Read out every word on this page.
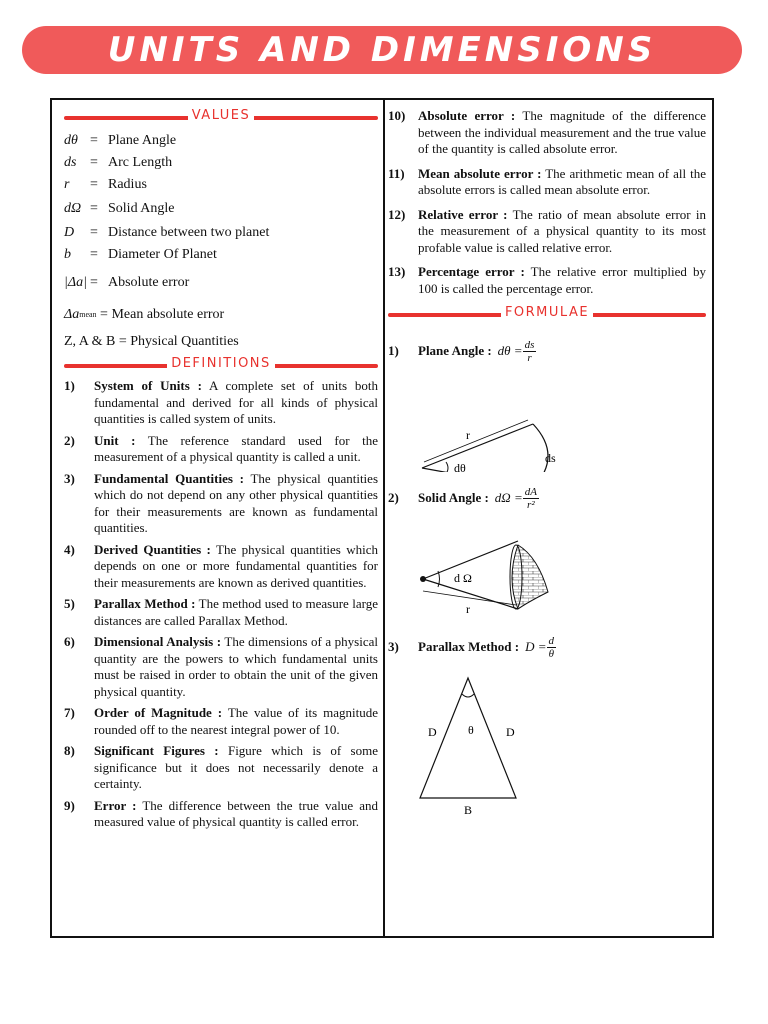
UNITS AND DIMENSIONS
VALUES
dθ = Plane Angle
ds = Arc Length
r	= Radius
dΩ = Solid Angle
D	= Distance between two planet
b	= Diameter Of Planet
|Δa| = Absolute error
Δa mean
= Mean absolute error
Z, A & B = Physical Quantities
DEFINITIONS
1)	System of Units : A complete set of units both fundamental and derived for all kinds of physical quantities is called system of units.
2)	Unit : The reference standard used for the measurement of a physical quantity is called a unit.
3)	Fundamental Quantities : The physical quantities which do not depend on any other physical quantities for their measurements are known as fundamental quantities.
4)	Derived Quantities : The physical quantities which depends on one or more fundamental quantities for their measurements are known as derived quantities.
5)	Parallax Method : The method used to measure large distances are called Parallax Method.
6)	Dimensional Analysis : The dimensions of a physical quantity are the powers to which fundamental units must be raised in order to obtain the unit of the given physical quantity.
7)	Order of Magnitude : The value of its magnitude rounded off to the nearest integral power of 10.
8)	Significant Figures : Figure which is of some significance but it does not necessarily denote a certainty.
9)	Error : The difference between the true value and measured value of physical quantity is called error.
10) Absolute error : The magnitude of the difference between the individual measurement and the true value of the quantity is called absolute error.
11)	Mean absolute error : The arithmetic mean of all the absolute errors is called mean absolute error.
12) Relative error : The ratio of mean absolute error in the measurement of a physical quantity to its most profable value is called relative error.
13) Percentage error : The relative error multiplied by 100 is called the percentage error.
FORMULAE
1)	Plane Angle : $d\theta = \frac{ds}{r}$
r
dθ
ds
2)	Solid Angle : $d\Omega = \frac{dA}{\text{r²}}$
d Ω
r
3)	Parallax Method : $D = \frac{d}{\theta}$
D	θ	D
B
